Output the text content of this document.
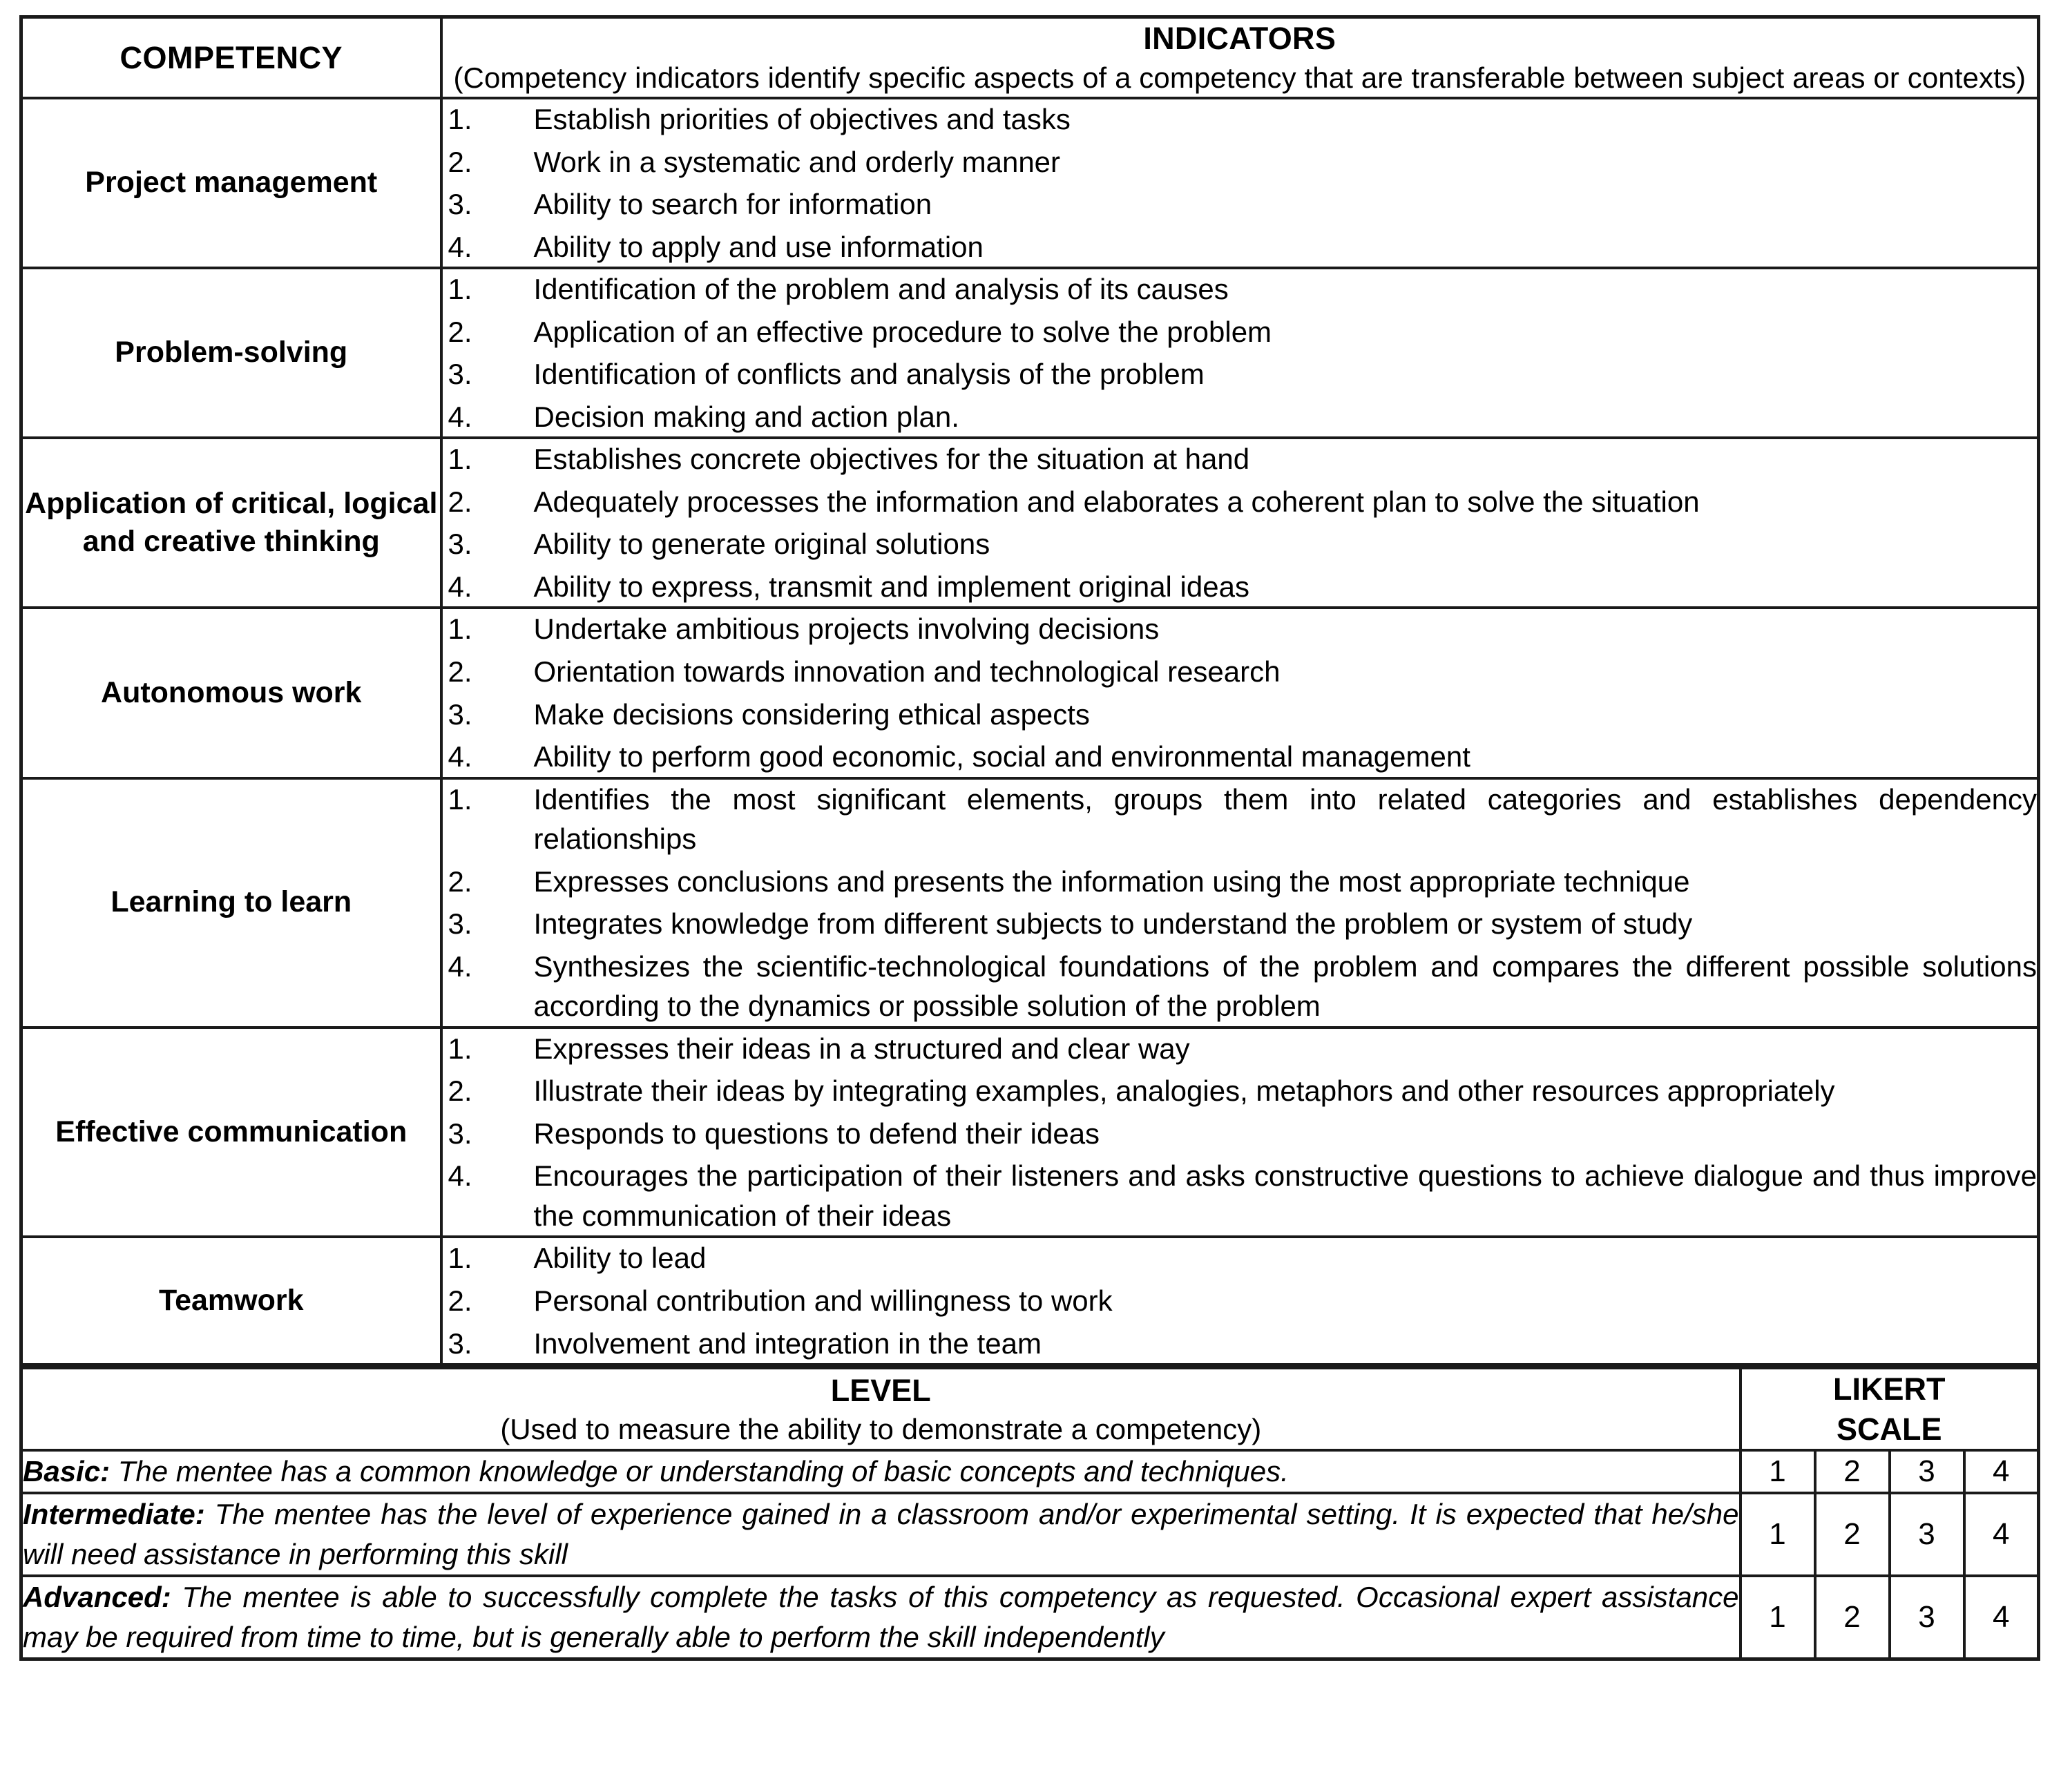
COMPETENCY	INDICATORS
(Competency indicators identify specific aspects of a competency that are transferable between subject areas or contexts)

Project management	
1.	Establish priorities of objectives and tasks
2.	Work in a systematic and orderly manner
3.	Ability to search for information
4.	Ability to apply and use information

Problem-solving	
1.	Identification of the problem and analysis of its causes
2.	Application of an effective procedure to solve the problem
3.	Identification of conflicts and analysis of the problem
4.	Decision making and action plan.

Application of critical, logical and creative thinking	
1.	Establishes concrete objectives for the situation at hand
2.	Adequately processes the information and elaborates a coherent plan to solve the situation
3.	Ability to generate original solutions
4.	Ability to express, transmit and implement original ideas

Autonomous work	
1.	Undertake ambitious projects involving decisions
2.	Orientation towards innovation and technological research
3.	Make decisions considering ethical aspects
4.	Ability to perform good economic, social and environmental management

Learning to learn	
1.	Identifies the most significant elements, groups them into related categories and establishes dependency relationships
2.	Expresses conclusions and presents the information using the most appropriate technique
3.	Integrates knowledge from different subjects to understand the problem or system of study
4.	Synthesizes the scientific-technological foundations of the problem and compares the different possible solutions according to the dynamics or possible solution of the problem

Effective communication	
1.	Expresses their ideas in a structured and clear way
2.	Illustrate their ideas by integrating examples, analogies, metaphors and other resources appropriately
3.	Responds to questions to defend their ideas
4.	Encourages the participation of their listeners and asks constructive questions to achieve dialogue and thus improve the communication of their ideas

Teamwork	
1.	Ability to lead
2.	Personal contribution and willingness to work
3.	Involvement and integration in the team
LEVEL
(Used to measure the ability to demonstrate a competency)	LIKERT
SCALE			
Basic: The mentee has a common knowledge or understanding of basic concepts and techniques.	1	2	3	4
Intermediate: The mentee has the level of experience gained in a classroom and/or experimental setting. It is expected that he/she will need assistance in performing this skill	1	2	3	4
Advanced: The mentee is able to successfully complete the tasks of this competency as requested. Occasional expert assistance may be required from time to time, but is generally able to perform the skill independently	1	2	3	4
